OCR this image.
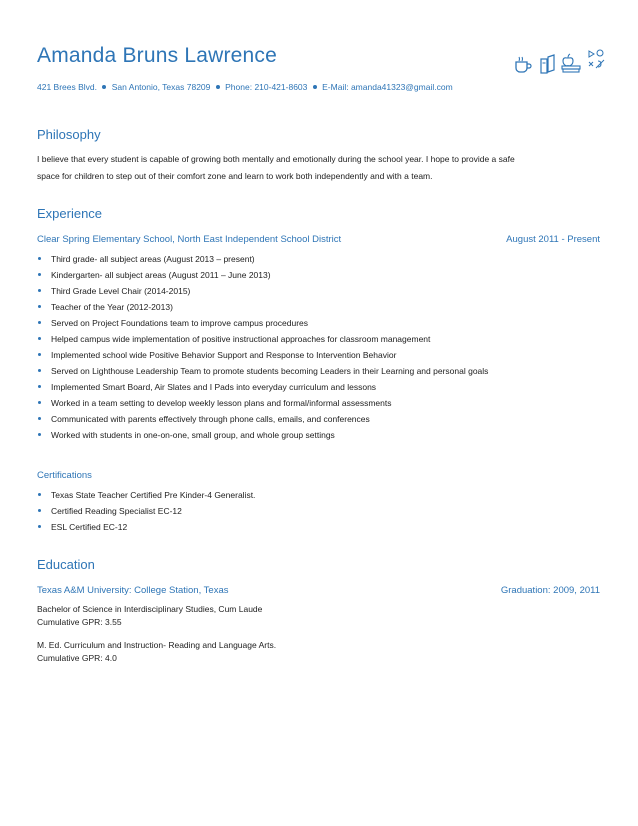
Amanda Bruns Lawrence
421 Brees Blvd. San Antonio, Texas 78209 Phone: 210-421-8603 E-Mail: amanda41323@gmail.com
Philosophy
I believe that every student is capable of growing both mentally and emotionally during the school year. I hope to provide a safe
space for children to step out of their comfort zone and learn to work both independently and with a team.
Experience
Clear Spring Elementary School, North East Independent School District	August 2011 - Present
Third grade- all subject areas (August 2013 – present)
Kindergarten- all subject areas (August 2011 – June 2013)
Third Grade Level Chair (2014-2015)
Teacher of the Year (2012-2013)
Served on Project Foundations team to improve campus procedures
Helped campus wide implementation of positive instructional approaches for classroom management
Implemented school wide Positive Behavior Support and Response to Intervention Behavior
Served on Lighthouse Leadership Team to promote students becoming Leaders in their Learning and personal goals
Implemented Smart Board, Air Slates and I Pads into everyday curriculum and lessons
Worked in a team setting to develop weekly lesson plans and formal/informal assessments
Communicated with parents effectively through phone calls, emails, and conferences
Worked with students in one-on-one, small group, and whole group settings
Certifications
Texas State Teacher Certified Pre Kinder-4 Generalist.
Certified Reading Specialist EC-12
ESL Certified EC-12
Education
Texas A&M University: College Station, Texas	Graduation: 2009, 2011
Bachelor of Science in Interdisciplinary Studies, Cum Laude
Cumulative GPR: 3.55
M. Ed. Curriculum and Instruction- Reading and Language Arts.
Cumulative GPR: 4.0
